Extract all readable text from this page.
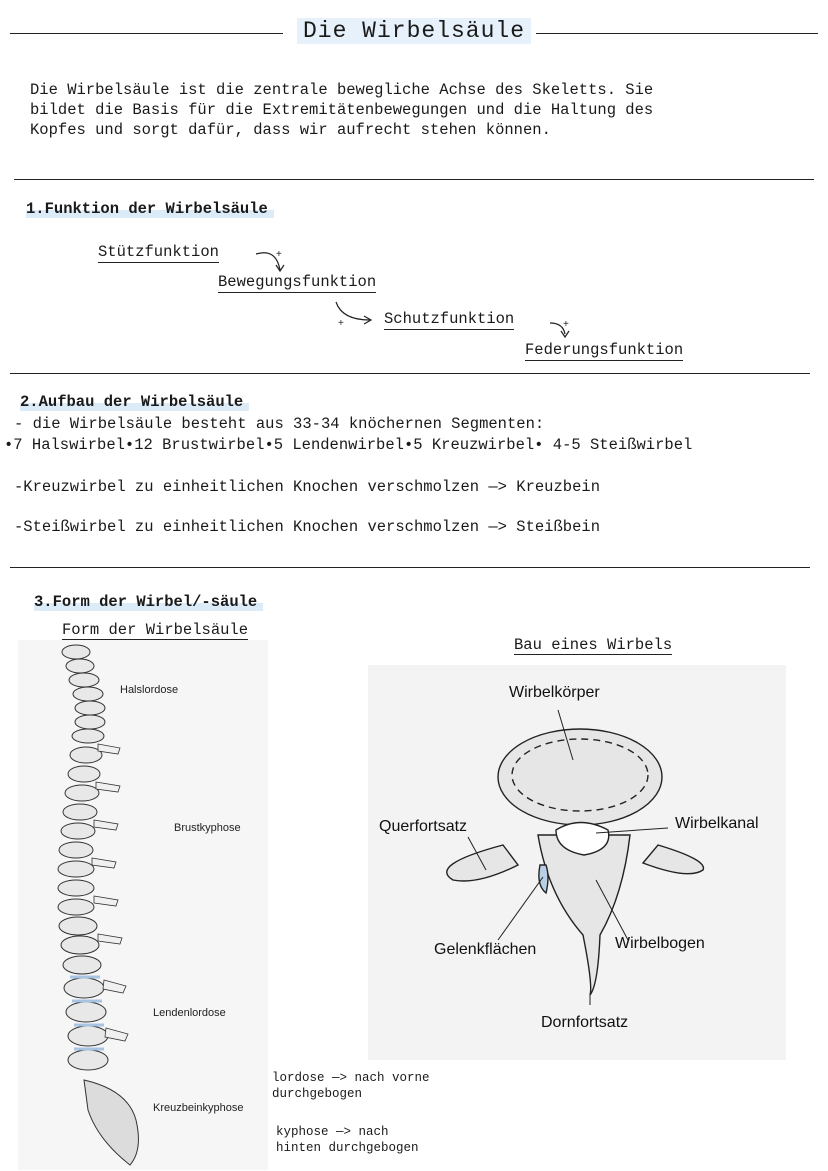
Die Wirbelsäule
Die Wirbelsäule ist die zentrale bewegliche Achse des Skeletts. Sie
bildet die Basis für die Extremitätenbewegungen und die Haltung des
Kopfes und sorgt dafür, dass wir aufrecht stehen können.
1.Funktion der Wirbelsäule
Stützfunktion
Bewegungsfunktion
Schutzfunktion
Federungsfunktion
+
+	+
2.Aufbau der Wirbelsäule
- die Wirbelsäule besteht aus 33-34 knöchernen Segmenten:
•7 Halswirbel•12 Brustwirbel•5 Lendenwirbel•5 Kreuzwirbel• 4-5 Steißwirbel
-Kreuzwirbel zu einheitlichen Knochen verschmolzen —> Kreuzbein
-Steißwirbel zu einheitlichen Knochen verschmolzen —> Steißbein
3.Form der Wirbel/-säule
Form der Wirbelsäule
Bau eines Wirbels
Halslordose
Brustkyphose
Lendenlordose
Kreuzbeinkyphose
Wirbelkörper
Querfortsatz	Wirbelkanal
Gelenkflächen	Wirbelbogen
Dornfortsatz
lordose —> nach vorne
durchgebogen
kyphose —> nach
hinten durchgebogen
